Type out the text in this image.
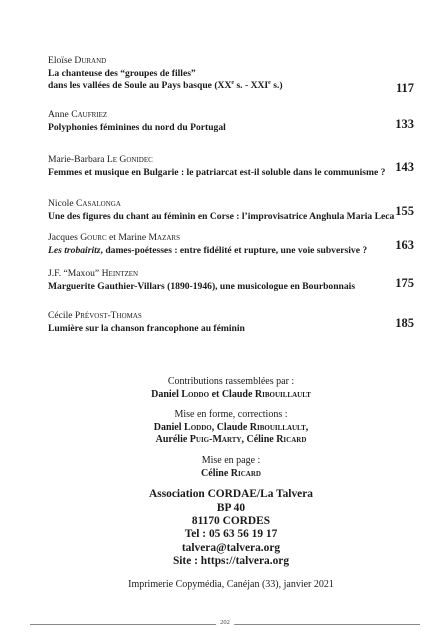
Eloïse Durand
La chanteuse des “groupes de filles”
dans les vallées de Soule au Pays basque (XXe s. - XXIe s.)	117
Anne Caufriez
Polyphonies féminines du nord du Portugal	133
Marie-Barbara Le Gonidec
Femmes et musique en Bulgarie : le patriarcat est-il soluble dans le communisme ? 143
Nicole Casalonga
Une des figures du chant au féminin en Corse : l’improvisatrice Anghula Maria Leca 155
Jacques Gourc et Marine Mazars
Les trobairitz, dames-poétesses : entre fidélité et rupture, une voie subversive ?	163
J.F. “Maxou” Heintzen
Marguerite Gauthier-Villars (1890-1946), une musicologue en Bourbonnais	175
Cécile Prévost-Thomas
Lumière sur la chanson francophone au féminin	185
Contributions rassemblées par :
Daniel Loddo et Claude Ribouillault
Mise en forme, corrections :
Daniel Loddo, Claude Ribouillault,
Aurélie Puig-Marty, Céline Ricard
Mise en page :
Céline Ricard
Association CORDAE/La Talvera
BP 40
81170 CORDES
Tel : 05 63 56 19 17
talvera@talvera.org
Site : https://talvera.org
Imprimerie Copymédia, Canéjan (33), janvier 2021
202
